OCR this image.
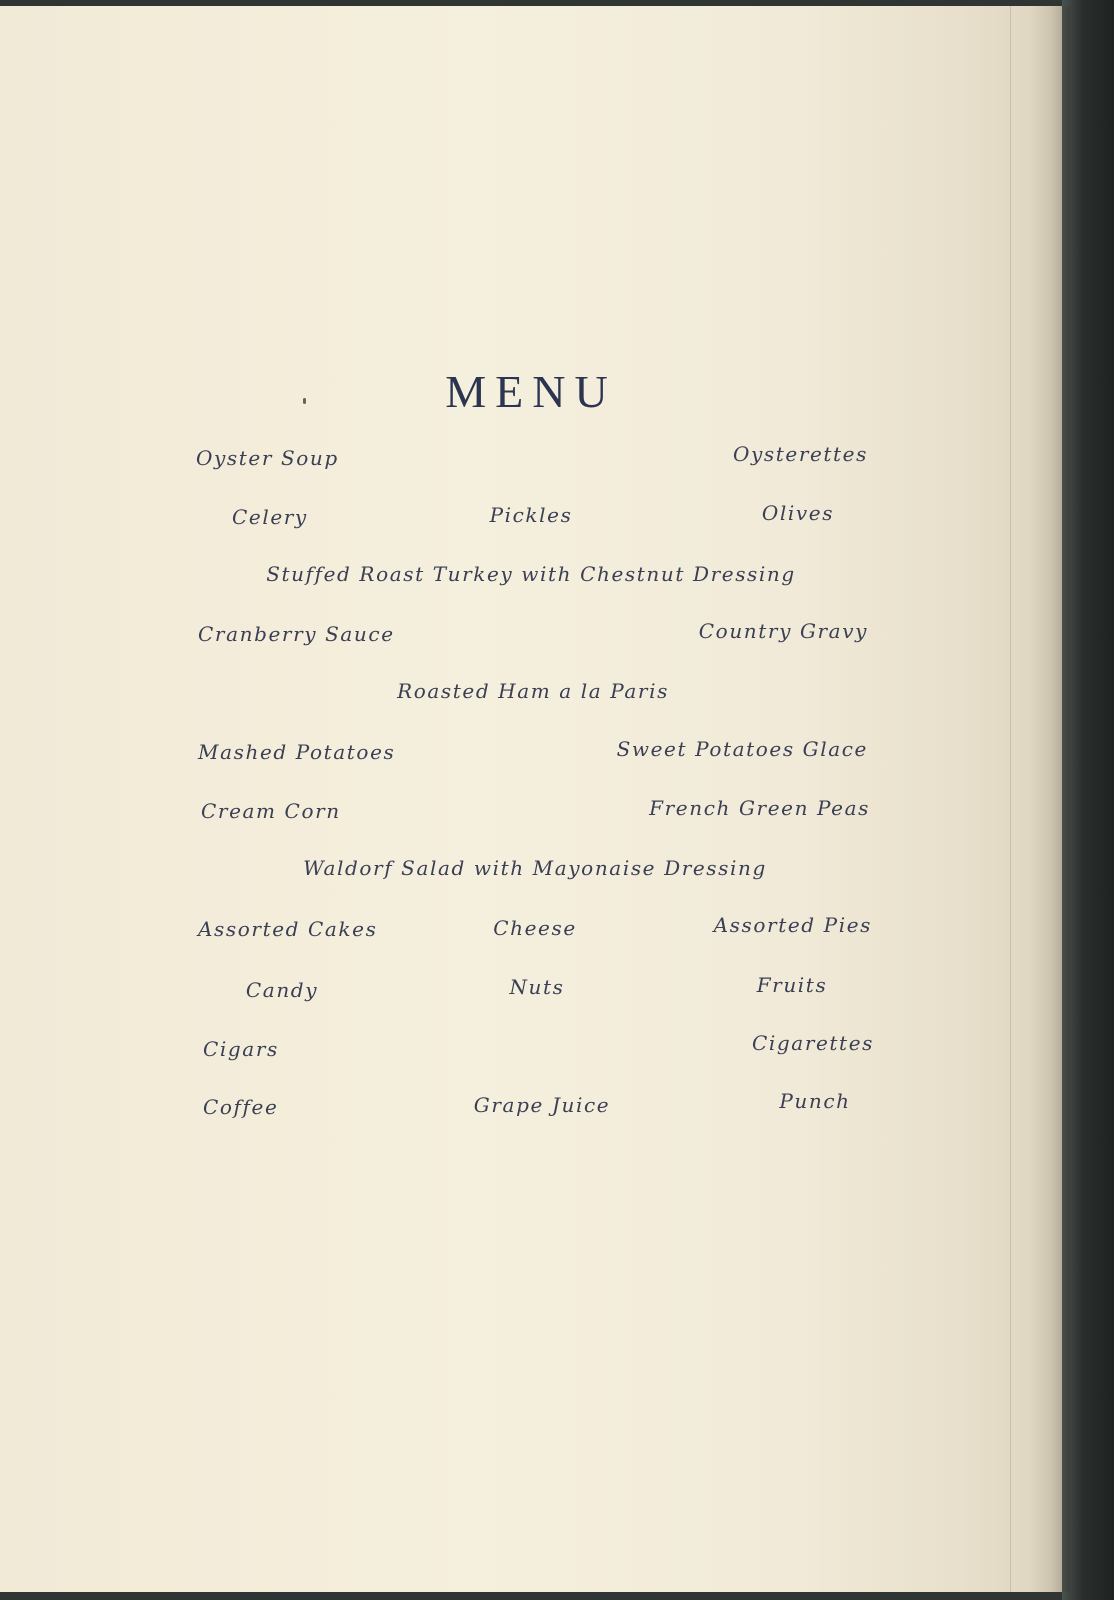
MENU
Oyster Soup	Oysterettes
Celery	Pickles	Olives
Stuffed Roast Turkey with Chestnut Dressing
Cranberry Sauce	Country Gravy
Roasted Ham a la Paris
Mashed Potatoes	Sweet Potatoes Glace
Cream Corn	French Green Peas
Waldorf Salad with Mayonaise Dressing
Assorted Cakes	Cheese	Assorted Pies
Candy	Nuts	Fruits
Cigars	Cigarettes
Coffee	Grape Juice	Punch
